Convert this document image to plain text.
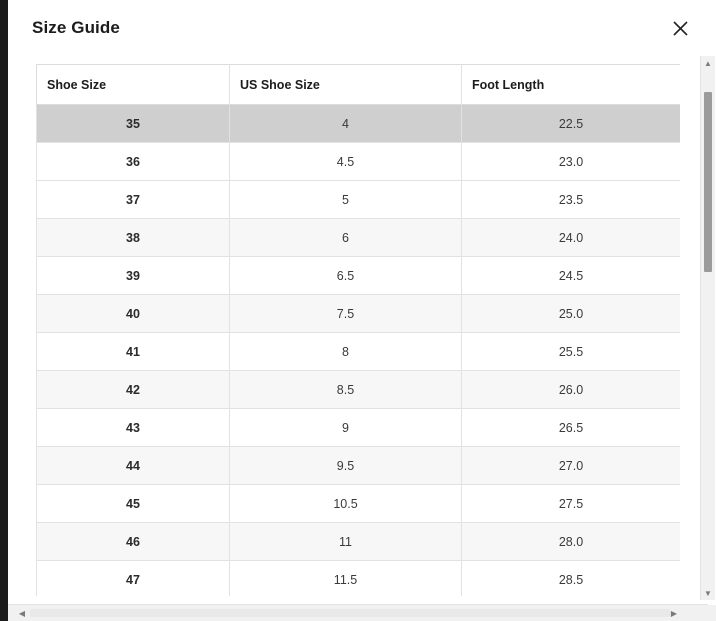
Size Guide
Shoe Size	US Shoe Size	Foot Length
35	4	22.5
36	4.5	23.0
37	5	23.5
38	6	24.0
39	6.5	24.5
40	7.5	25.0
41	8	25.5
42	8.5	26.0
43	9	26.5
44	9.5	27.0
45	10.5	27.5
46	11	28.0
47	11.5	28.5
▲
▼
◀	▶
